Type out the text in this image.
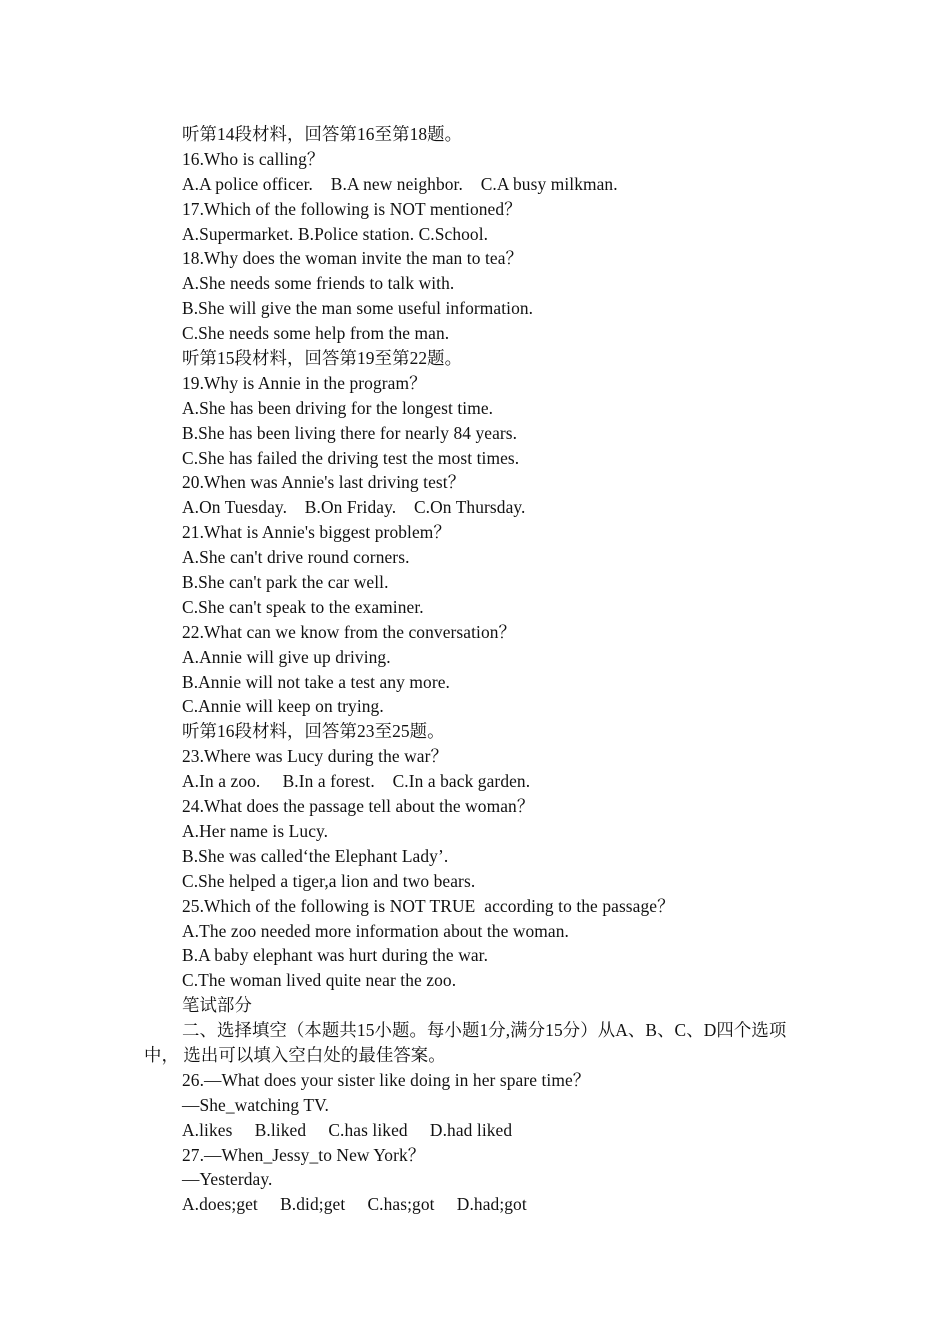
听第14段材料，回答第16至第18题。
16.Who is calling？
A.A police officer.    B.A new neighbor.    C.A busy milkman.
17.Which of the following is NOT mentioned？
A.Supermarket. B.Police station. C.School.
18.Why does the woman invite the man to tea？
A.She needs some friends to talk with.
B.She will give the man some useful information.
C.She needs some help from the man.
听第15段材料，回答第19至第22题。
19.Why is Annie in the program？
A.She has been driving for the longest time.
B.She has been living there for nearly 84 years.
C.She has failed the driving test the most times.
20.When was Annie's last driving test？
A.On Tuesday.    B.On Friday.    C.On Thursday.
21.What is Annie's biggest problem？
A.She can't drive round corners.
B.She can't park the car well.
C.She can't speak to the examiner.
22.What can we know from the conversation？
A.Annie will give up driving.
B.Annie will not take a test any more.
C.Annie will keep on trying.
听第16段材料，回答第23至25题。
23.Where was Lucy during the war？
A.In a zoo.     B.In a forest.    C.In a back garden.
24.What does the passage tell about the woman？
A.Her name is Lucy.
B.She was called‘the Elephant Lady’.
C.She helped a tiger,a lion and two bears.
25.Which of the following is NOT TRUE  according to the passage？
A.The zoo needed more information about the woman.
B.A baby elephant was hurt during the war.
C.The woman lived quite near the zoo.
笔试部分
二、选择填空（本题共15小题。每小题1分,满分15分）从A、B、C、D四个选项
中， 选出可以填入空白处的最佳答案。
26.—What does your sister like doing in her spare time？
—She_watching TV.
A.likes     B.liked     C.has liked     D.had liked
27.—When_Jessy_to New York？
—Yesterday.
A.does;get     B.did;get     C.has;got     D.had;got
